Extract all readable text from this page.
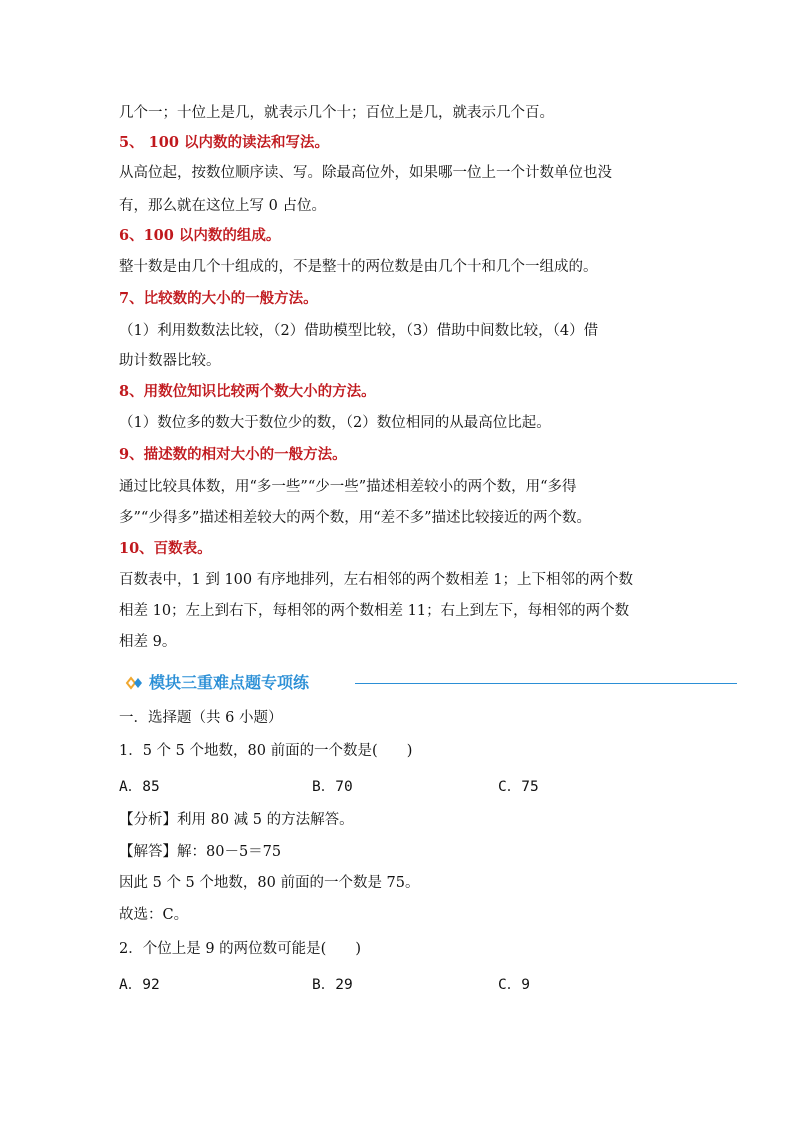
几个一；十位上是几，就表示几个十；百位上是几，就表示几个百。
5、 100 以内数的读法和写法。
从高位起，按数位顺序读、写。除最高位外，如果哪一位上一个计数单位也没
有，那么就在这位上写 0 占位。
6、100 以内数的组成。
整十数是由几个十组成的，不是整十的两位数是由几个十和几个一组成的。
7、比较数的大小的一般方法。
（1）利用数数法比较，（2）借助模型比较，（3）借助中间数比较，（4）借
助计数器比较。
8、用数位知识比较两个数大小的方法。
（1）数位多的数大于数位少的数，（2）数位相同的从最高位比起。
9、描述数的相对大小的一般方法。
通过比较具体数，用“多一些”“少一些”描述相差较小的两个数，用“多得
多”“少得多”描述相差较大的两个数，用“差不多”描述比较接近的两个数。
10、百数表。
百数表中，1 到 100 有序地排列，左右相邻的两个数相差 1；上下相邻的两个数
相差 10；左上到右下，每相邻的两个数相差 11；右上到左下，每相邻的两个数
相差 9。
模块三重难点题专项练
一．选择题（共 6 小题）
1．5 个 5 个地数，80 前面的一个数是(　　)
A．85	B．70	C．75
【分析】利用 80 减 5 的方法解答。
【解答】解：80－5＝75
因此 5 个 5 个地数，80 前面的一个数是 75。
故选：C。
2．个位上是 9 的两位数可能是(　　)
A．92	B．29	C．9
